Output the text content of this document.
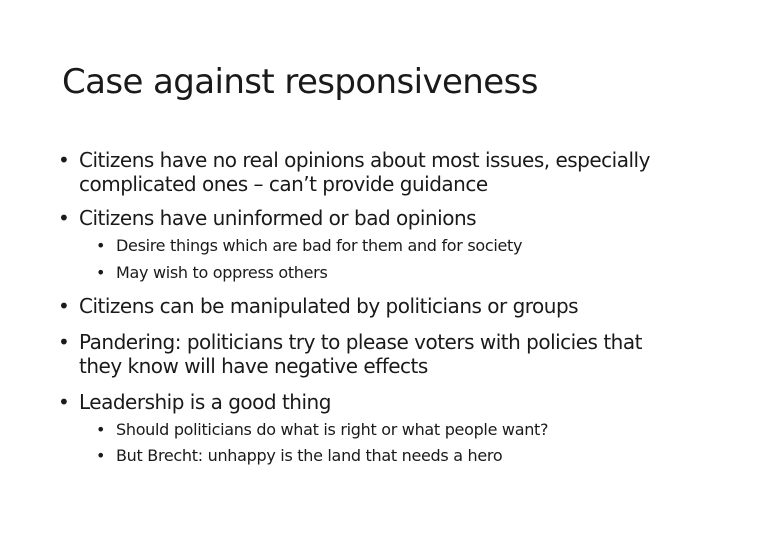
Case against responsiveness
• Citizens have no real opinions about most issues, especially
complicated ones – can’t provide guidance
• Citizens have uninformed or bad opinions
• Desire things which are bad for them and for society
• May wish to oppress others
• Citizens can be manipulated by politicians or groups
• Pandering: politicians try to please voters with policies that
they know will have negative effects
• Leadership is a good thing
• Should politicians do what is right or what people want?
• But Brecht: unhappy is the land that needs a hero
